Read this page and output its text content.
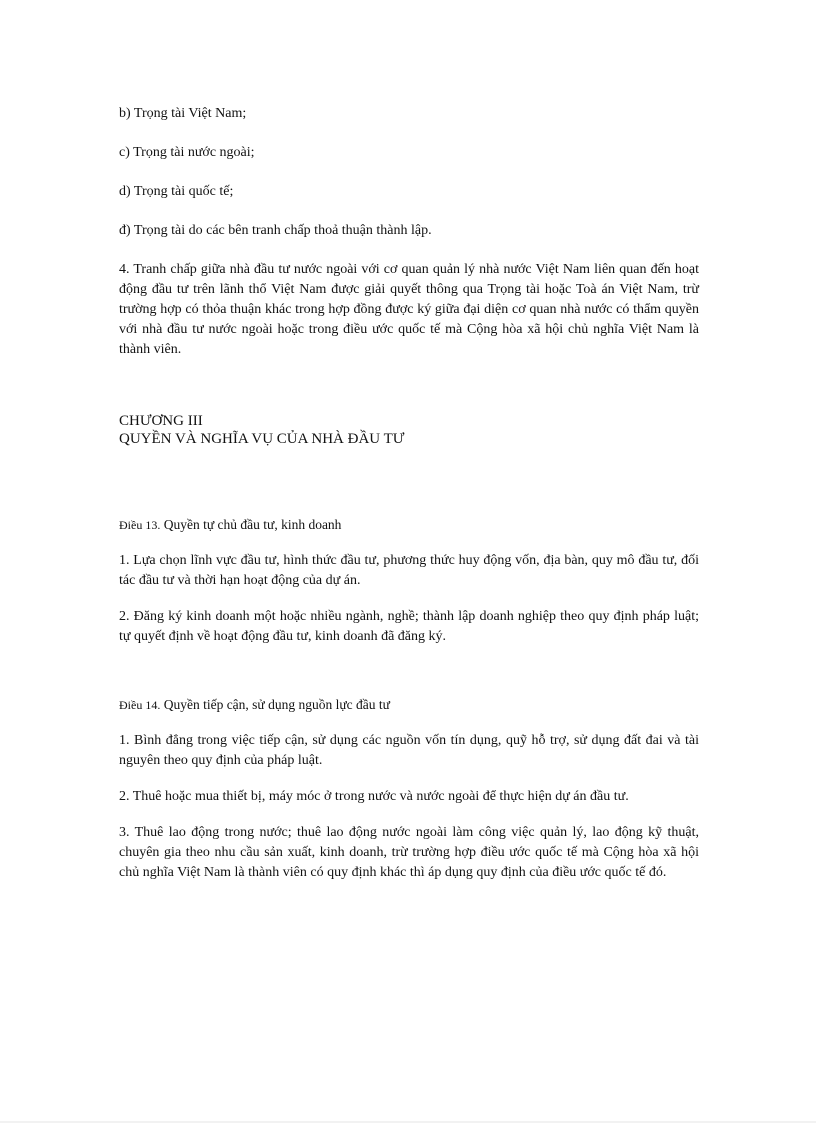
b) Trọng tài Việt Nam;

c) Trọng tài nước ngoài;

d) Trọng tài quốc tế;

đ) Trọng tài do các bên tranh chấp thoả thuận thành lập.

4. Tranh chấp giữa nhà đầu tư nước ngoài với cơ quan quản lý nhà nước Việt Nam liên quan đến hoạt động đầu tư trên lãnh thổ Việt Nam được giải quyết thông qua Trọng tài hoặc Toà án Việt Nam, trừ trường hợp có thỏa thuận khác trong hợp đồng được ký giữa đại diện cơ quan nhà nước có thẩm quyền với nhà đầu tư nước ngoài hoặc trong điều ước quốc tế mà Cộng hòa xã hội chủ nghĩa Việt Nam là thành viên.

CHƯƠNG III
QUYỀN VÀ NGHĨA VỤ CỦA NHÀ ĐẦU TƯ
Điều 13. Quyền tự chủ đầu tư, kinh doanh

1. Lựa chọn lĩnh vực đầu tư, hình thức đầu tư, phương thức huy động vốn, địa bàn, quy mô đầu tư, đối tác đầu tư và thời hạn hoạt động của dự án.

2. Đăng ký kinh doanh một hoặc nhiều ngành, nghề; thành lập doanh nghiệp theo quy định pháp luật; tự quyết định về hoạt động đầu tư, kinh doanh đã đăng ký.

Điều 14. Quyền tiếp cận, sử dụng nguồn lực đầu tư

1. Bình đẳng trong việc tiếp cận, sử dụng các nguồn vốn tín dụng, quỹ hỗ trợ, sử dụng đất đai và tài nguyên theo quy định của pháp luật.

2. Thuê hoặc mua thiết bị, máy móc ở trong nước và nước ngoài để thực hiện dự án đầu tư.

3. Thuê lao động trong nước; thuê lao động nước ngoài làm công việc quản lý, lao động kỹ thuật, chuyên gia theo nhu cầu sản xuất, kinh doanh, trừ trường hợp điều ước quốc tế mà Cộng hòa xã hội chủ nghĩa Việt Nam là thành viên có quy định khác thì áp dụng quy định của điều ước quốc tế đó.
